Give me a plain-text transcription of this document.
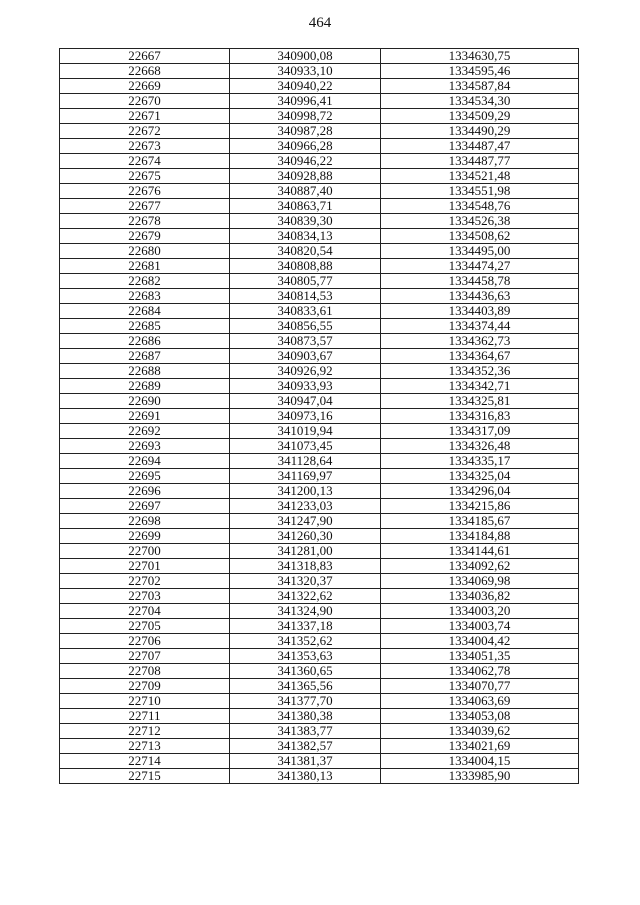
464
22667	340900,08	1334630,75
22668	340933,10	1334595,46
22669	340940,22	1334587,84
22670	340996,41	1334534,30
22671	340998,72	1334509,29
22672	340987,28	1334490,29
22673	340966,28	1334487,47
22674	340946,22	1334487,77
22675	340928,88	1334521,48
22676	340887,40	1334551,98
22677	340863,71	1334548,76
22678	340839,30	1334526,38
22679	340834,13	1334508,62
22680	340820,54	1334495,00
22681	340808,88	1334474,27
22682	340805,77	1334458,78
22683	340814,53	1334436,63
22684	340833,61	1334403,89
22685	340856,55	1334374,44
22686	340873,57	1334362,73
22687	340903,67	1334364,67
22688	340926,92	1334352,36
22689	340933,93	1334342,71
22690	340947,04	1334325,81
22691	340973,16	1334316,83
22692	341019,94	1334317,09
22693	341073,45	1334326,48
22694	341128,64	1334335,17
22695	341169,97	1334325,04
22696	341200,13	1334296,04
22697	341233,03	1334215,86
22698	341247,90	1334185,67
22699	341260,30	1334184,88
22700	341281,00	1334144,61
22701	341318,83	1334092,62
22702	341320,37	1334069,98
22703	341322,62	1334036,82
22704	341324,90	1334003,20
22705	341337,18	1334003,74
22706	341352,62	1334004,42
22707	341353,63	1334051,35
22708	341360,65	1334062,78
22709	341365,56	1334070,77
22710	341377,70	1334063,69
22711	341380,38	1334053,08
22712	341383,77	1334039,62
22713	341382,57	1334021,69
22714	341381,37	1334004,15
22715	341380,13	1333985,90
